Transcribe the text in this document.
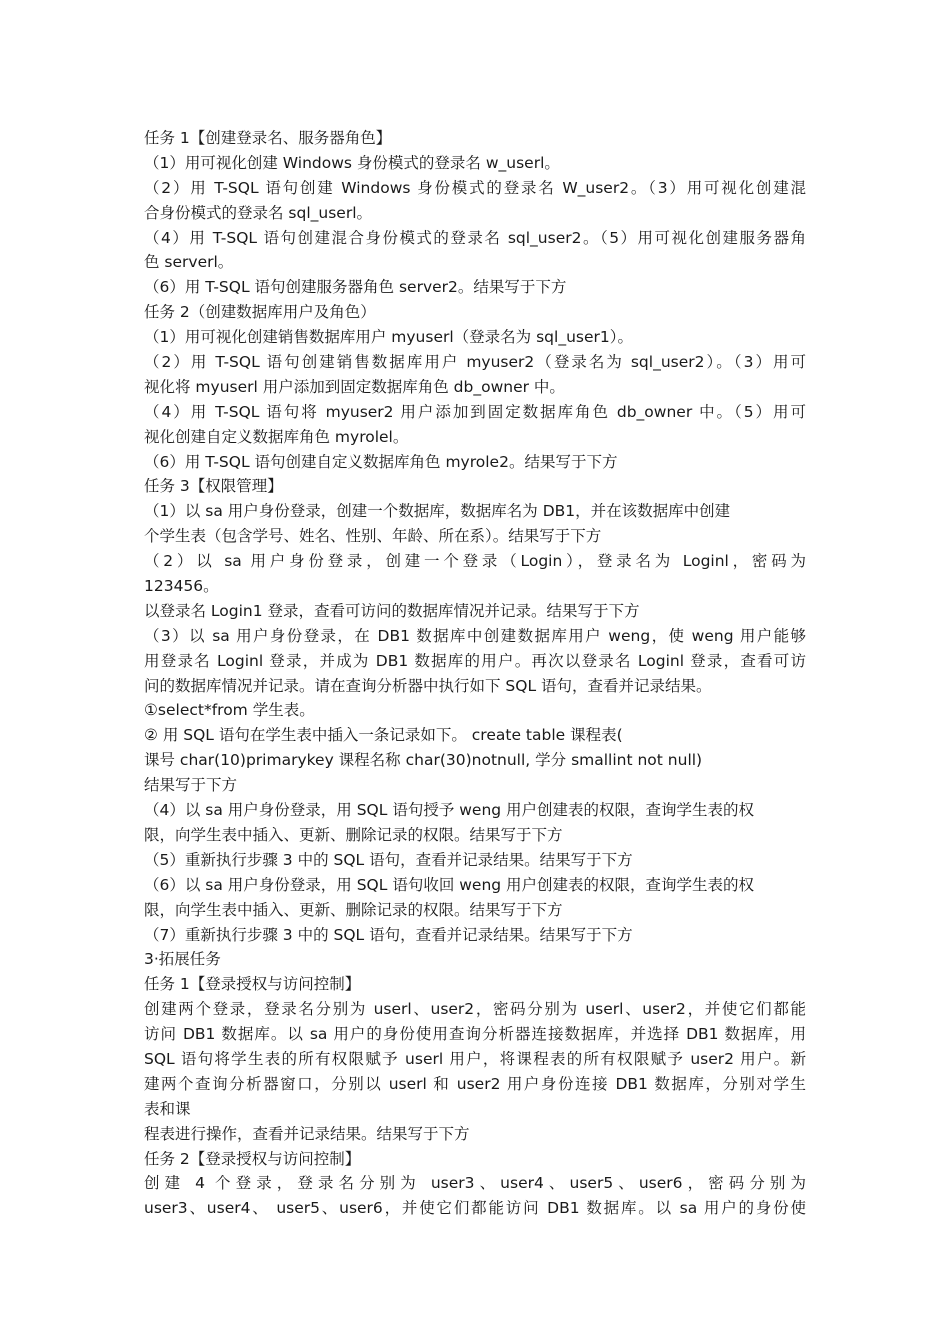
任务 1【创建登录名、服务器角色】
（1）用可视化创建 Windows 身份模式的登录名 w_userl。
（2）用 T-SQL 语句创建 Windows 身份模式的登录名 W_user2。（3）用可视化创建混
合身份模式的登录名 sql_userl。
（4）用 T-SQL 语句创建混合身份模式的登录名 sql_user2。（5）用可视化创建服务器角
色 serverl。
（6）用 T-SQL 语句创建服务器角色 server2。结果写于下方
任务 2（创建数据库用户及角色）
（1）用可视化创建销售数据库用户 myuserl（登录名为 sql_user1）。
（2）用 T-SQL 语句创建销售数据库用户 myuser2（登录名为 sql_user2）。（3）用可
视化将 myuserl 用户添加到固定数据库角色 db_owner 中。
（4）用 T-SQL 语句将 myuser2 用户添加到固定数据库角色 db_owner 中。（5）用可
视化创建自定义数据库角色 myrolel。
（6）用 T-SQL 语句创建自定义数据库角色 myrole2。结果写于下方
任务 3【权限管理】
（1）以 sa 用户身份登录，创建一个数据库，数据库名为 DB1，并在该数据库中创建
个学生表（包含学号、姓名、性别、年龄、所在系）。结果写于下方
（2）以 sa 用户身份登录，创建一个登录（Login），登录名为 Loginl，密码为
123456。
以登录名 Login1 登录，查看可访问的数据库情况并记录。结果写于下方
（3）以 sa 用户身份登录，在 DB1 数据库中创建数据库用户 weng，使 weng 用户能够
用登录名 Loginl 登录，并成为 DB1 数据库的用户。再次以登录名 Loginl 登录，查看可访
问的数据库情况并记录。请在查询分析器中执行如下 SQL 语句，查看并记录结果。
①select*from 学生表。
② 用 SQL 语句在学生表中插入一条记录如下。 create table 课程表(
课号 char(10)primarykey 课程名称 char(30)notnull, 学分 smallint not null)
结果写于下方
（4）以 sa 用户身份登录，用 SQL 语句授予 weng 用户创建表的权限，查询学生表的权
限，向学生表中插入、更新、删除记录的权限。结果写于下方
（5）重新执行步骤 3 中的 SQL 语句，查看并记录结果。结果写于下方
（6）以 sa 用户身份登录，用 SQL 语句收回 weng 用户创建表的权限，查询学生表的权
限，向学生表中插入、更新、删除记录的权限。结果写于下方
（7）重新执行步骤 3 中的 SQL 语句，查看并记录结果。结果写于下方
3·拓展任务
任务 1【登录授权与访问控制】
创建两个登录，登录名分别为 userl、user2，密码分别为 userl、user2，并使它们都能
访问 DB1 数据库。以 sa 用户的身份使用查询分析器连接数据库，并选择 DB1 数据库，用
SQL 语句将学生表的所有权限赋予 userl 用户，将课程表的所有权限赋予 user2 用户。新
建两个查询分析器窗口，分别以 userl 和 user2 用户身份连接 DB1 数据库，分别对学生
表和课
程表进行操作，查看并记录结果。结果写于下方
任务 2【登录授权与访问控制】
创建 4 个登录，登录名分别为 user3、user4、user5、user6，密码分别为
user3、user4、 user5、user6，并使它们都能访问 DB1 数据库。以 sa 用户的身份使
